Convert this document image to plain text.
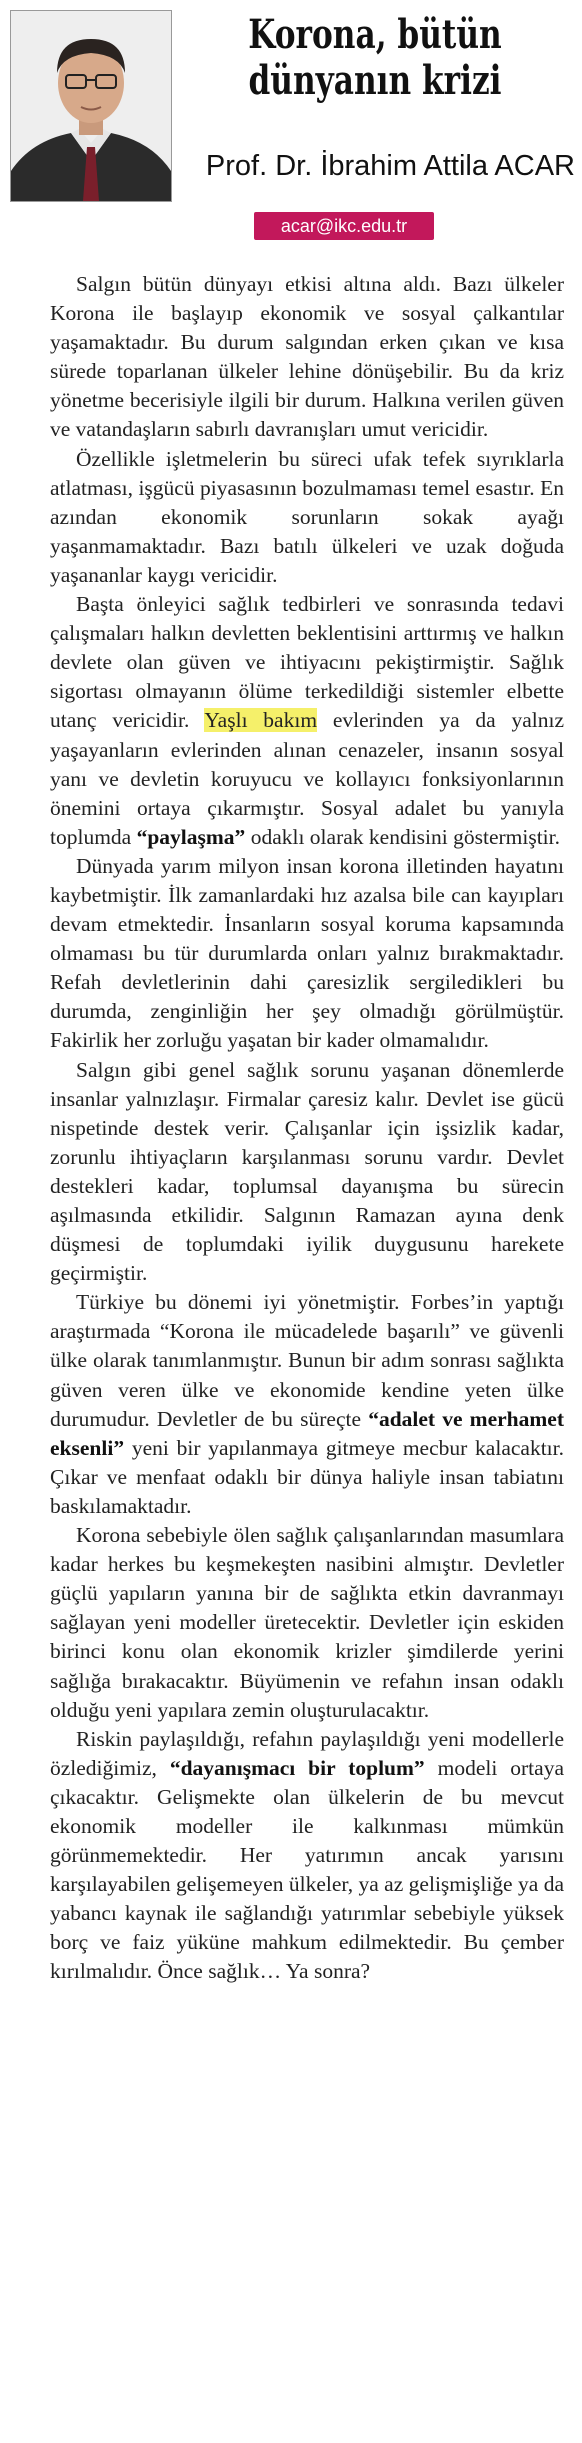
Korona, bütün
dünyanın krizi
Prof. Dr. İbrahim Attila ACAR
acar@ikc.edu.tr

Salgın bütün dünyayı etkisi altına aldı. Bazı ülkeler Korona ile başlayıp ekonomik ve sosyal çalkantılar yaşamaktadır. Bu durum salgından erken çıkan ve kısa sürede toparlanan ülkeler lehine dönüşebilir. Bu da kriz yönetme becerisiyle ilgili bir durum. Halkına verilen güven ve vatandaşların sabırlı davranışları umut vericidir.

Özellikle işletmelerin bu süreci ufak tefek sıyrıklarla atlatması, işgücü piyasasının bozulmaması temel esastır. En azından ekonomik sorunların sokak ayağı yaşanmamaktadır. Bazı batılı ülkeleri ve uzak doğuda yaşananlar kaygı vericidir.

Başta önleyici sağlık tedbirleri ve sonrasında tedavi çalışmaları halkın devletten beklentisini arttırmış ve halkın devlete olan güven ve ihtiyacını pekiştirmiştir. Sağlık sigortası olmayanın ölüme terkedildiği sistemler elbette utanç vericidir. Yaşlı bakım evlerinden ya da yalnız yaşayanların evlerinden alınan cenazeler, insanın sosyal yanı ve devletin koruyucu ve kollayıcı fonksiyonlarının önemini ortaya çıkarmıştır. Sosyal adalet bu yanıyla toplumda “paylaşma” odaklı olarak kendisini göstermiştir.

Dünyada yarım milyon insan korona illetinden hayatını kaybetmiştir. İlk zamanlardaki hız azalsa bile can kayıpları devam etmektedir. İnsanların sosyal koruma kapsamında olmaması bu tür durumlarda onları yalnız bırakmaktadır. Refah devletlerinin dahi çaresizlik sergiledikleri bu durumda, zenginliğin her şey olmadığı görülmüştür. Fakirlik her zorluğu yaşatan bir kader olmamalıdır.

Salgın gibi genel sağlık sorunu yaşanan dönemlerde insanlar yalnızlaşır. Firmalar çaresiz kalır. Devlet ise gücü nispetinde destek verir. Çalışanlar için işsizlik kadar, zorunlu ihtiyaçların karşılanması sorunu vardır. Devlet destekleri kadar, toplumsal dayanışma bu sürecin aşılmasında etkilidir. Salgının Ramazan ayına denk düşmesi de toplumdaki iyilik duygusunu harekete geçirmiştir.

Türkiye bu dönemi iyi yönetmiştir. Forbes’in yaptığı araştırmada “Korona ile mücadelede başarılı” ve güvenli ülke olarak tanımlanmıştır. Bunun bir adım sonrası sağlıkta güven veren ülke ve ekonomide kendine yeten ülke durumudur. Devletler de bu süreçte “adalet ve merhamet eksenli” yeni bir yapılanmaya gitmeye mecbur kalacaktır. Çıkar ve menfaat odaklı bir dünya haliyle insan tabiatını baskılamaktadır.

Korona sebebiyle ölen sağlık çalışanlarından masumlara kadar herkes bu keşmekeşten nasibini almıştır. Devletler güçlü yapıların yanına bir de sağlıkta etkin davranmayı sağlayan yeni modeller üretecektir. Devletler için eskiden birinci konu olan ekonomik krizler şimdilerde yerini sağlığa bırakacaktır. Büyümenin ve refahın insan odaklı olduğu yeni yapılara zemin oluşturulacaktır.

Riskin paylaşıldığı, refahın paylaşıldığı yeni modellerle özlediğimiz, “dayanışmacı bir toplum” modeli ortaya çıkacaktır. Gelişmekte olan ülkelerin de bu mevcut ekonomik modeller ile kalkınması mümkün görünmemektedir. Her yatırımın ancak yarısını karşılayabilen gelişemeyen ülkeler, ya az gelişmişliğe ya da yabancı kaynak ile sağlandığı yatırımlar sebebiyle yüksek borç ve faiz yüküne mahkum edilmektedir. Bu çember kırılmalıdır. Önce sağlık… Ya sonra?
